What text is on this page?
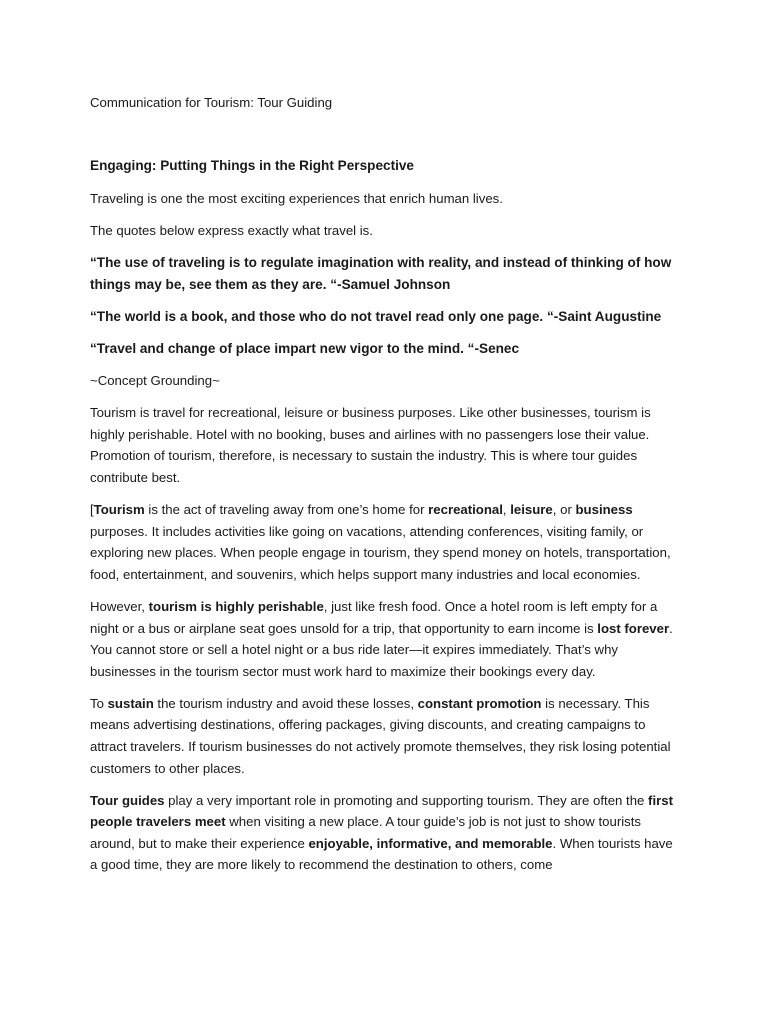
Communication for Tourism: Tour Guiding
Engaging: Putting Things in the Right Perspective

Traveling is one the most exciting experiences that enrich human lives.

The quotes below express exactly what travel is.

“The use of traveling is to regulate imagination with reality, and instead of thinking of how things may be, see them as they are. “-Samuel Johnson

“The world is a book, and those who do not travel read only one page. “-Saint Augustine

“Travel and change of place impart new vigor to the mind. “-Senec

~Concept Grounding~

Tourism is travel for recreational, leisure or business purposes. Like other businesses, tourism is highly perishable. Hotel with no booking, buses and airlines with no passengers lose their value. Promotion of tourism, therefore, is necessary to sustain the industry. This is where tour guides contribute best.

[Tourism is the act of traveling away from one’s home for recreational, leisure, or business purposes. It includes activities like going on vacations, attending conferences, visiting family, or exploring new places. When people engage in tourism, they spend money on hotels, transportation, food, entertainment, and souvenirs, which helps support many industries and local economies.

However, tourism is highly perishable, just like fresh food. Once a hotel room is left empty for a night or a bus or airplane seat goes unsold for a trip, that opportunity to earn income is lost forever. You cannot store or sell a hotel night or a bus ride later—it expires immediately. That’s why businesses in the tourism sector must work hard to maximize their bookings every day.

To sustain the tourism industry and avoid these losses, constant promotion is necessary. This means advertising destinations, offering packages, giving discounts, and creating campaigns to attract travelers. If tourism businesses do not actively promote themselves, they risk losing potential customers to other places.

Tour guides play a very important role in promoting and supporting tourism. They are often the first people travelers meet when visiting a new place. A tour guide’s job is not just to show tourists around, but to make their experience enjoyable, informative, and memorable. When tourists have a good time, they are more likely to recommend the destination to others, come
